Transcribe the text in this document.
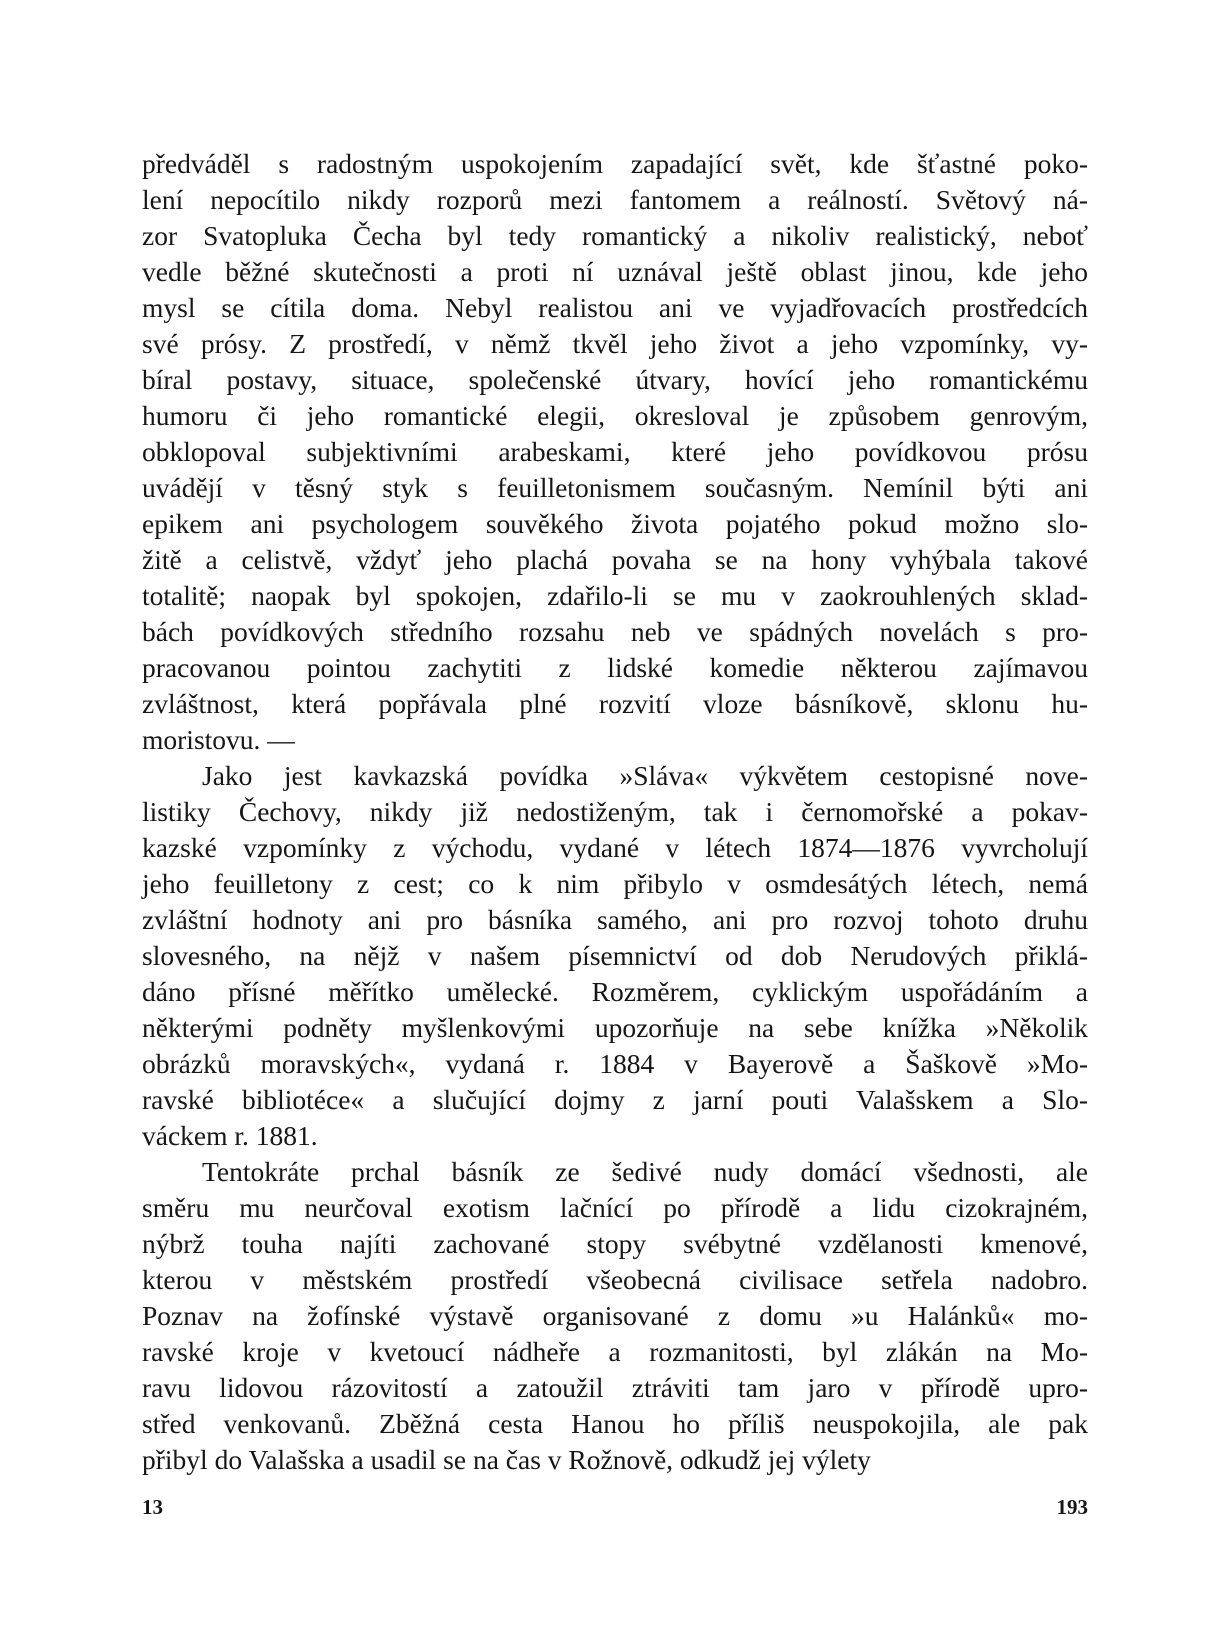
předváděl s radostným uspokojením zapadající svět, kde šťastné poko-
lení nepocítilo nikdy rozporů mezi fantomem a reálností. Světový ná-
zor Svatopluka Čecha byl tedy romantický a nikoliv realistický, neboť
vedle běžné skutečnosti a proti ní uznával ještě oblast jinou, kde jeho
mysl se cítila doma. Nebyl realistou ani ve vyjadřovacích prostředcích
své prósy. Z prostředí, v němž tkvěl jeho život a jeho vzpomínky, vy-
bíral postavy, situace, společenské útvary, hovící jeho romantickému
humoru či jeho romantické elegii, okresloval je způsobem genrovým,
obklopoval subjektivními arabeskami, které jeho povídkovou prósu
uvádějí v těsný styk s feuilletonismem současným. Nemínil býti ani
epikem ani psychologem souvěkého života pojatého pokud možno slo-
žitě a celistvě, vždyť jeho plachá povaha se na hony vyhýbala takové
totalitě; naopak byl spokojen, zdařilo-li se mu v zaokrouhlených sklad-
bách povídkových středního rozsahu neb ve spádných novelách s pro-
pracovanou pointou zachytiti z lidské komedie některou zajímavou
zvláštnost, která popřávala plné rozvití vloze básníkově, sklonu hu-
moristovu. —
Jako jest kavkazská povídka »Sláva« výkvětem cestopisné nove-
listiky Čechovy, nikdy již nedostiženým, tak i černomořské a pokav-
kazské vzpomínky z východu, vydané v létech 1874—1876 vyvrcholují
jeho feuilletony z cest; co k nim přibylo v osmdesátých létech, nemá
zvláštní hodnoty ani pro básníka samého, ani pro rozvoj tohoto druhu
slovesného, na nějž v našem písemnictví od dob Nerudových přiklá-
dáno přísné měřítko umělecké. Rozměrem, cyklickým uspořádáním a
některými podněty myšlenkovými upozorňuje na sebe knížka »Několik
obrázků moravských«, vydaná r. 1884 v Bayerově a Šaškově »Mo-
ravské bibliotéce« a slučující dojmy z jarní pouti Valašskem a Slo-
váckem r. 1881.
Tentokráte prchal básník ze šedivé nudy domácí všednosti, ale
směru mu neurčoval exotism lačnící po přírodě a lidu cizokrajném,
nýbrž touha najíti zachované stopy svébytné vzdělanosti kmenové,
kterou v městském prostředí všeobecná civilisace setřela nadobro.
Poznav na žofínské výstavě organisované z domu »u Halánků« mo-
ravské kroje v kvetoucí nádheře a rozmanitosti, byl zlákán na Mo-
ravu lidovou rázovitostí a zatoužil ztráviti tam jaro v přírodě upro-
střed venkovanů. Zběžná cesta Hanou ho příliš neuspokojila, ale pak
přibyl do Valašska a usadil se na čas v Rožnově, odkudž jej výlety
13	193
